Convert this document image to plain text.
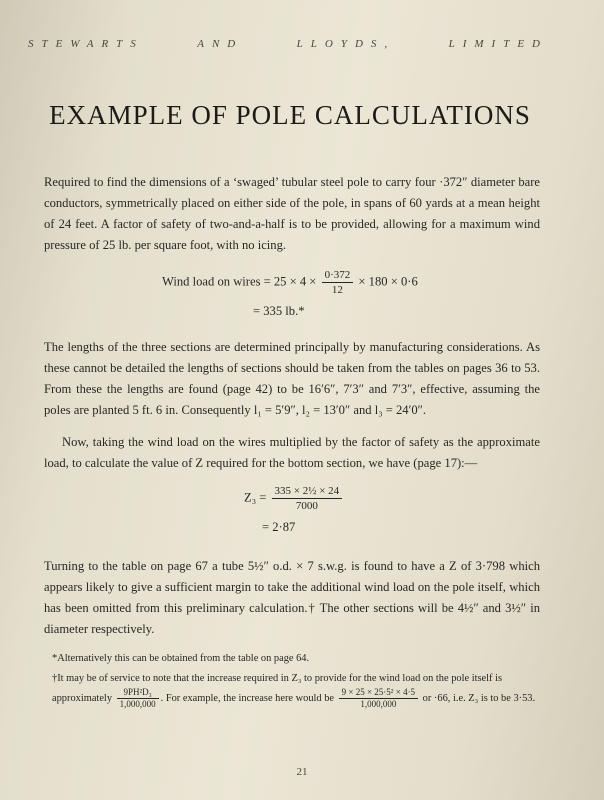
STEWARTS	AND	LLOYDS,	LIMITED
EXAMPLE OF POLE CALCULATIONS

Required to find the dimensions of a ‘swaged’ tubular steel pole to carry four ·372″ diameter bare conductors, symmetrically placed on either side of the pole, in spans of 60 yards at a mean height of 24 feet. A factor of safety of two-and-a-half is to be provided, allowing for a maximum wind pressure of 25 lb. per square foot, with no icing.

Wind load on wires = $25 \times 4 \times \frac{0\cdot 372}{12} \times 180 \times 0\cdot 6$
= 335 lb.*

The lengths of the three sections are determined principally by manufacturing considerations. As these cannot be detailed the lengths of sections should be taken from the tables on pages 36 to 53. From these the lengths are found (page 42) to be 16′6″, 7′3″ and 7′3″, effective, assuming the poles are planted 5 ft. 6 in. Consequently l₁ = 5′9″, l₂ = 13′0″ and l₃ = 24′0″.

Now, taking the wind load on the wires multiplied by the factor of safety as the approximate load, to calculate the value of Z required for the bottom section, we have (page 17):—

$Z_3 = \frac{\text{335 × 2½ × 24}}{7000}$
= 2·87

Turning to the table on page 67 a tube 5½″ o.d. × 7 s.w.g. is found to have a Z of 3·798 which appears likely to give a sufficient margin to take the additional wind load on the pole itself, which has been omitted from this preliminary calculation.† The other sections will be 4½″ and 3½″ in diameter respectively.

*Alternatively this can be obtained from the table on page 64.

†It may be of service to note that the increase required in Z₃ to provide for the wind load on the pole itself is approximately $\frac{\text{9PH²D₃}}{1,000,000}$ . For example, the increase here would be $\frac{\text{9 × 25 × 25·5² × 4·5}}{1,000,000}$ or ·66, i.e. Z₃ is to be 3·53.

21
